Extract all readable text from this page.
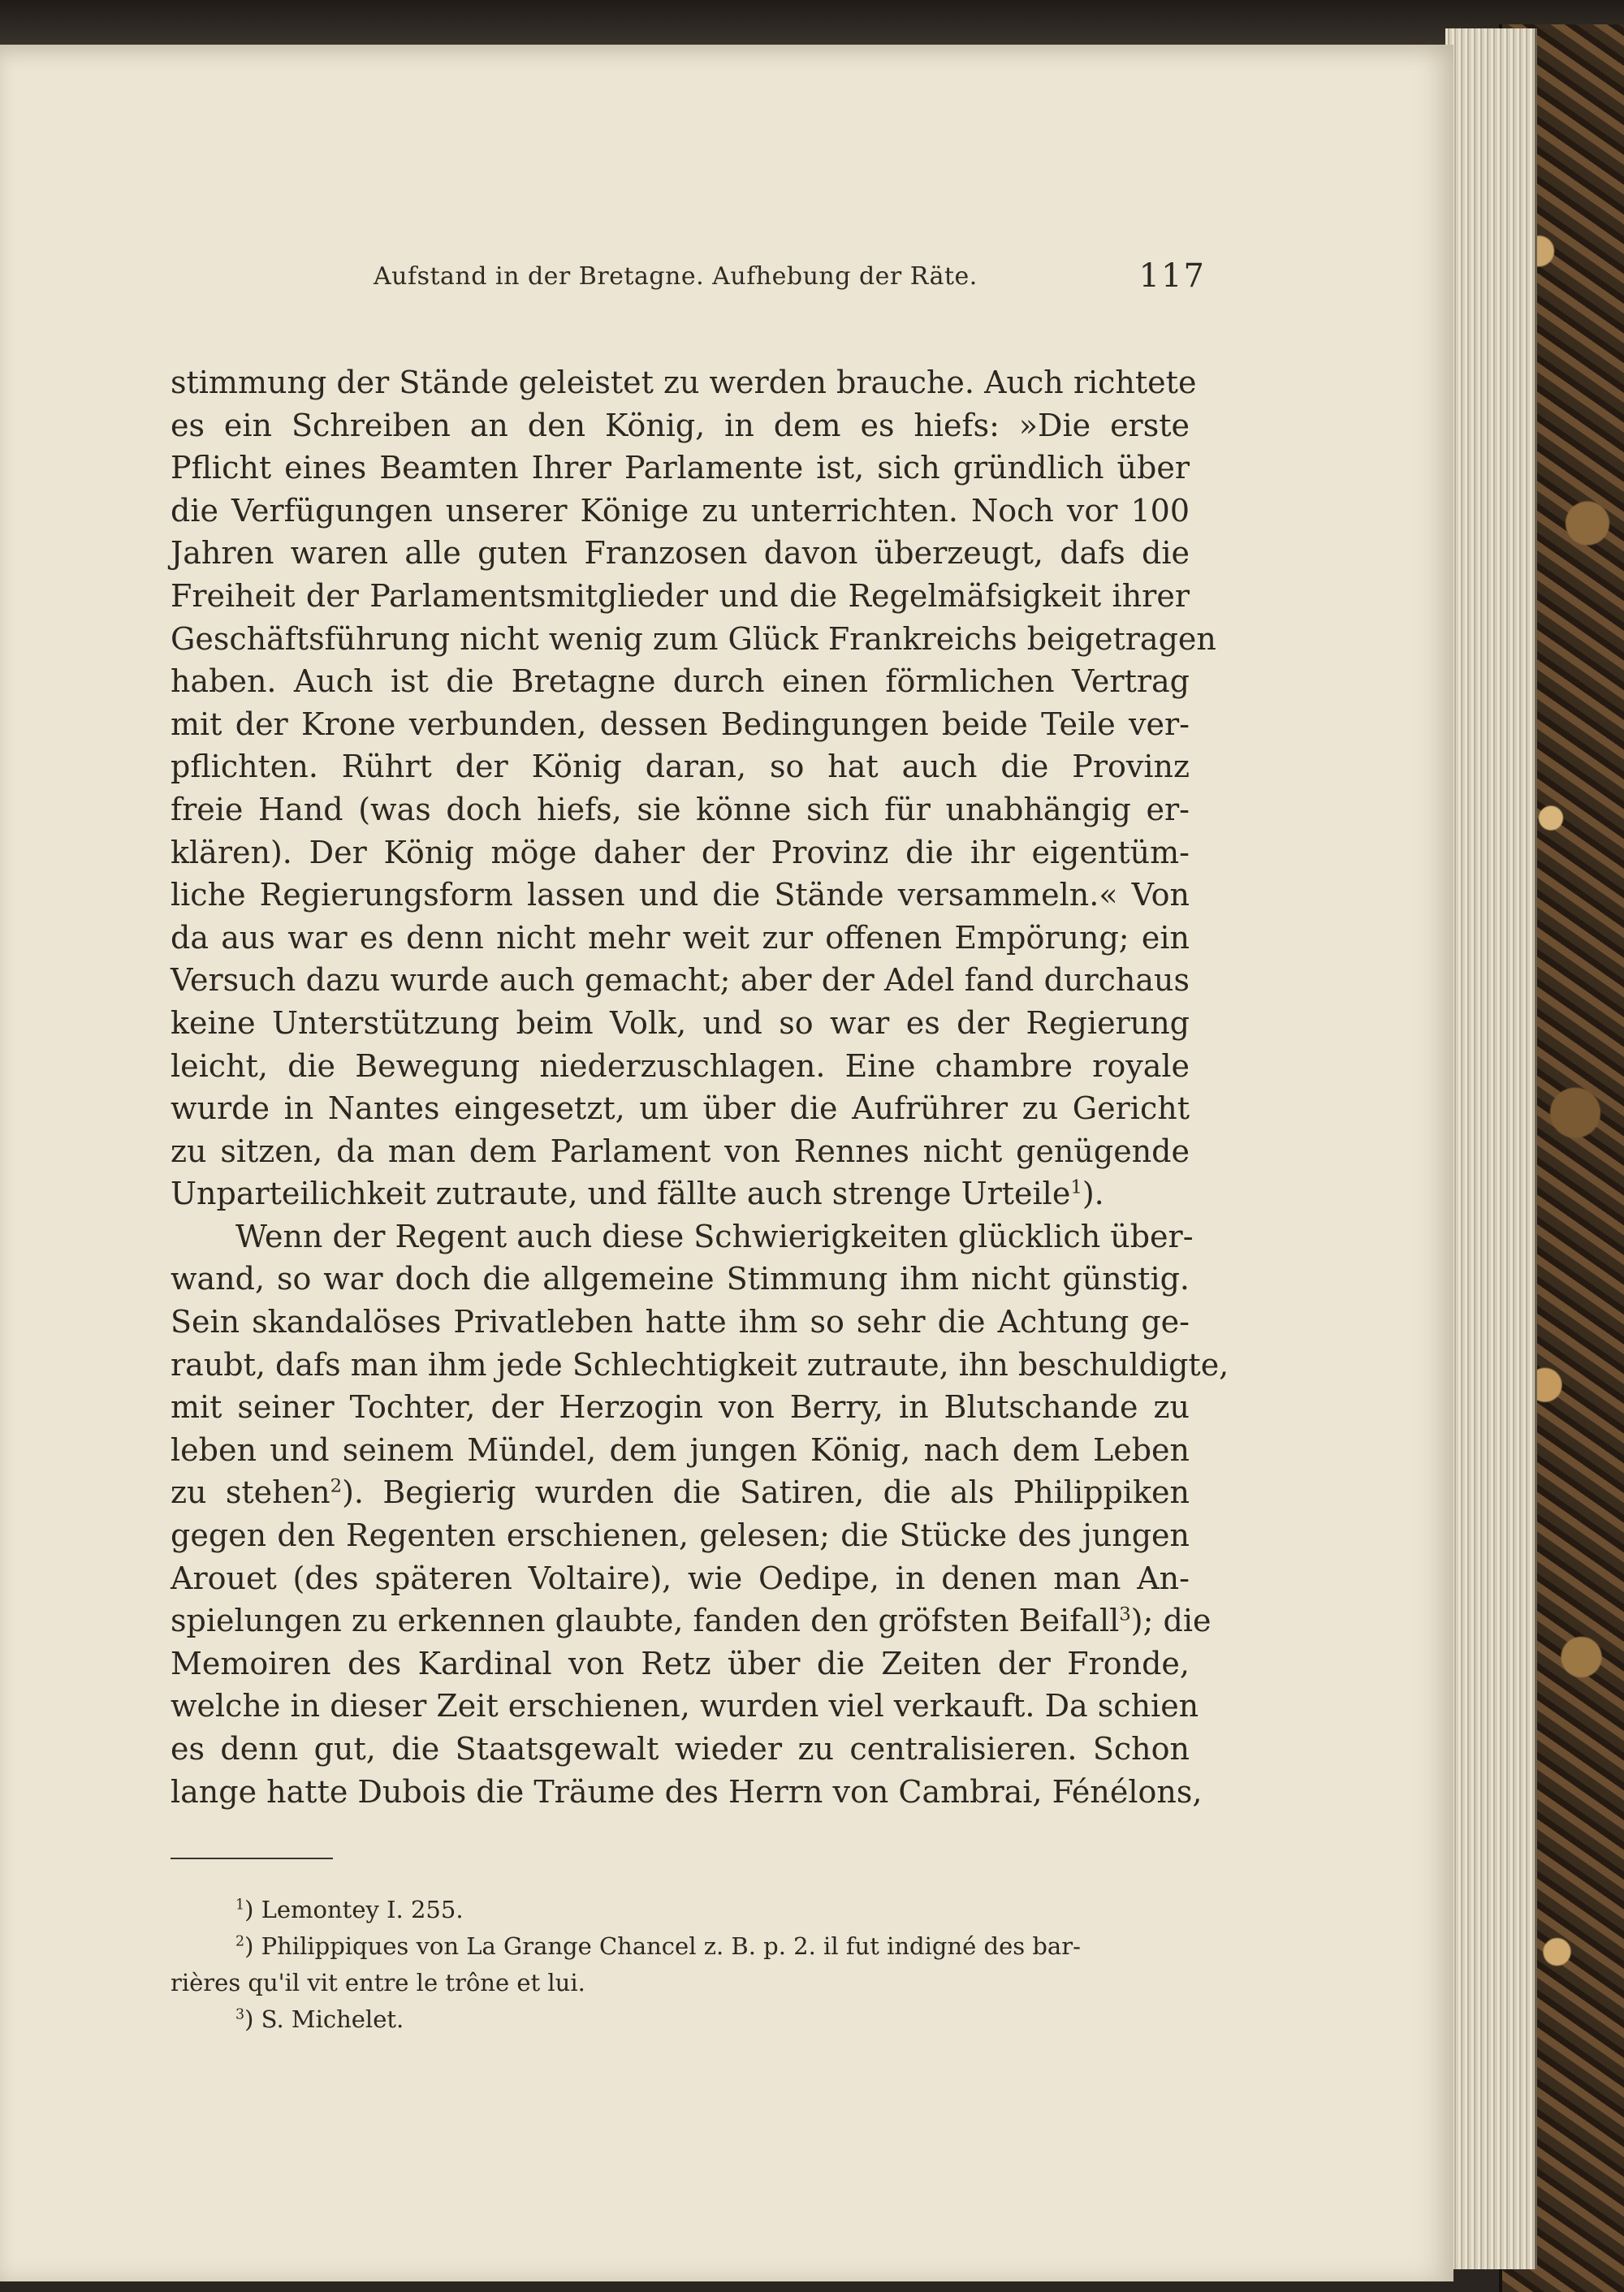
Aufstand in der Bretagne. Aufhebung der Räte.	117
stimmung der Stände geleistet zu werden brauche. Auch richtete
es ein Schreiben an den König, in dem es hiefs: »Die erste
Pflicht eines Beamten Ihrer Parlamente ist, sich gründlich über
die Verfügungen unserer Könige zu unterrichten. Noch vor 100
Jahren waren alle guten Franzosen davon überzeugt, dafs die
Freiheit der Parlamentsmitglieder und die Regelmäfsigkeit ihrer
Geschäftsführung nicht wenig zum Glück Frankreichs beigetragen
haben. Auch ist die Bretagne durch einen förmlichen Vertrag
mit der Krone verbunden, dessen Bedingungen beide Teile ver-
pflichten. Rührt der König daran, so hat auch die Provinz
freie Hand (was doch hiefs, sie könne sich für unabhängig er-
klären). Der König möge daher der Provinz die ihr eigentüm-
liche Regierungsform lassen und die Stände versammeln.« Von
da aus war es denn nicht mehr weit zur offenen Empörung; ein
Versuch dazu wurde auch gemacht; aber der Adel fand durchaus
keine Unterstützung beim Volk, und so war es der Regierung
leicht, die Bewegung niederzuschlagen. Eine chambre royale
wurde in Nantes eingesetzt, um über die Aufrührer zu Gericht
zu sitzen, da man dem Parlament von Rennes nicht genügende
Unparteilichkeit zutraute, und fällte auch strenge Urteile$^1$).
Wenn der Regent auch diese Schwierigkeiten glücklich über-
wand, so war doch die allgemeine Stimmung ihm nicht günstig.
Sein skandalöses Privatleben hatte ihm so sehr die Achtung ge-
raubt, dafs man ihm jede Schlechtigkeit zutraute, ihn beschuldigte,
mit seiner Tochter, der Herzogin von Berry, in Blutschande zu
leben und seinem Mündel, dem jungen König, nach dem Leben
zu stehen$^2$). Begierig wurden die Satiren, die als Philippiken
gegen den Regenten erschienen, gelesen; die Stücke des jungen
Arouet (des späteren Voltaire), wie Oedipe, in denen man An-
spielungen zu erkennen glaubte, fanden den gröfsten Beifall$^3$); die
Memoiren des Kardinal von Retz über die Zeiten der Fronde,
welche in dieser Zeit erschienen, wurden viel verkauft. Da schien
es denn gut, die Staatsgewalt wieder zu centralisieren. Schon
lange hatte Dubois die Träume des Herrn von Cambrai, Fénélons,
$^1$) Lemontey I. 255.
$^2$) Philippiques von La Grange Chancel z. B. p. 2. il fut indigné des bar-
rières qu'il vit entre le trône et lui.
$^3$) S. Michelet.
